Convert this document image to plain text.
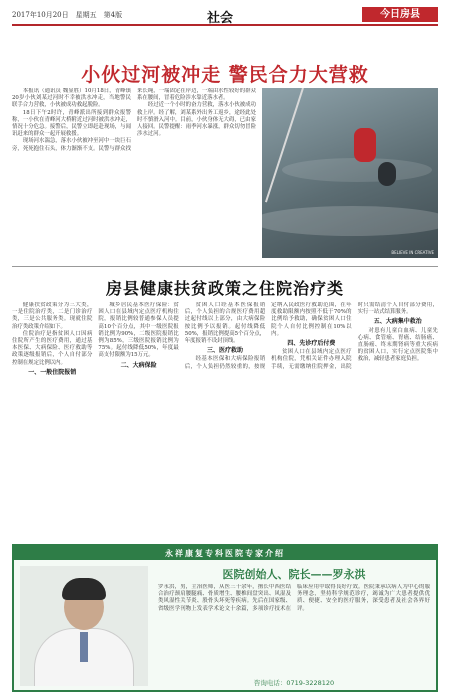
2017年10月20日　星期五　第4版	社会	今日房县
小伙过河被冲走 警民合力大营救

本报讯（通讯员 魏显胜）10月18日，青峰镇20岁小伙刘某过河时不幸被洪水冲走，当地警民联手合力营救，小伙被成功救起脱险。

18日下午2时许，青峰派出所接到群众报警称，一小伙在青峰河大桥附近过河时被洪水冲走，情况十分危急。接警后，民警立即赶赴现场，与闻讯赶来的群众一起开展救援。

现场河水湍急，落水小伙被冲至河中一块巨石旁，死死抱住石头，体力渐渐不支。民警与群众找来长绳，一端固定在岸边，一端由水性较好的群众系在腰间，冒着危险涉水靠近落水者。

经过近一个小时的奋力营救，落水小伙被成功救上岸。经了解，刘某系外出务工返乡，途经此处时不慎滑入河中。目前，小伙身体无大碍，已由家人接回。民警提醒：雨季河水暴涨，群众切勿冒险涉水过河。

BELIEVE IN CREATIVE
房县健康扶贫政策之住院治疗类

健康扶贫政策分为三大类，一是住院治疗类，二是门诊治疗类，三是公共服务类。现就住院治疗类政策介绍如下。

住院治疗是指贫困人口因病住院所产生的医疗费用，通过基本医保、大病保险、医疗救助等政策逐级报销后，个人自付部分控制在规定比例以内。

一、一般住院报销

城乡居民基本医疗保险：贫困人口在县域内定点医疗机构住院，报销比例较普通参保人员提高10个百分点，其中一级医院报销比例为90%，二级医院报销比例为85%，三级医院报销比例为75%。起付线降低50%，年度最高支付限额为15万元。

二、大病保险

贫困人口经基本医保报销后，个人负担的合规医疗费用超过起付线以上部分，由大病保险按比例予以报销。起付线降低50%，报销比例提高5个百分点，年度报销不设封顶线。

三、医疗救助

经基本医保和大病保险报销后，个人负担仍然较重的，按规定纳入民政医疗救助范围，在年度救助限额内按照不低于70%的比例给予救助，确保贫困人口住院个人自付比例控制在10%以内。

四、先诊疗后付费

贫困人口在县域内定点医疗机构住院，凭相关证件办理入院手续，无需缴纳住院押金，出院时只需结清个人自付部分费用，实行一站式结算服务。

五、大病集中救治

对患有儿童白血病、儿童先心病、食管癌、胃癌、结肠癌、直肠癌、终末期肾病等重大疾病的贫困人口，实行定点医院集中救治，减轻患者家庭负担。

永祥康复专科医院专家介绍
医院创始人、院长——罗永洪
罗永洪，男，主治医师，从医三十余年，擅长中西医结合治疗颈肩腰腿痛、骨质增生、腰椎间盘突出、风湿及类风湿性关节炎、股骨头坏死等疾病。先后在国家级、省级医学刊物上发表学术论文十余篇，多项诊疗技术在临床应用中取得良好疗效。医院秉承以病人为中心的服务理念，坚持科学规范诊疗，竭诚为广大患者提供优质、便捷、安全的医疗服务，深受患者及社会各界好评。
咨询电话：0719-3228120
